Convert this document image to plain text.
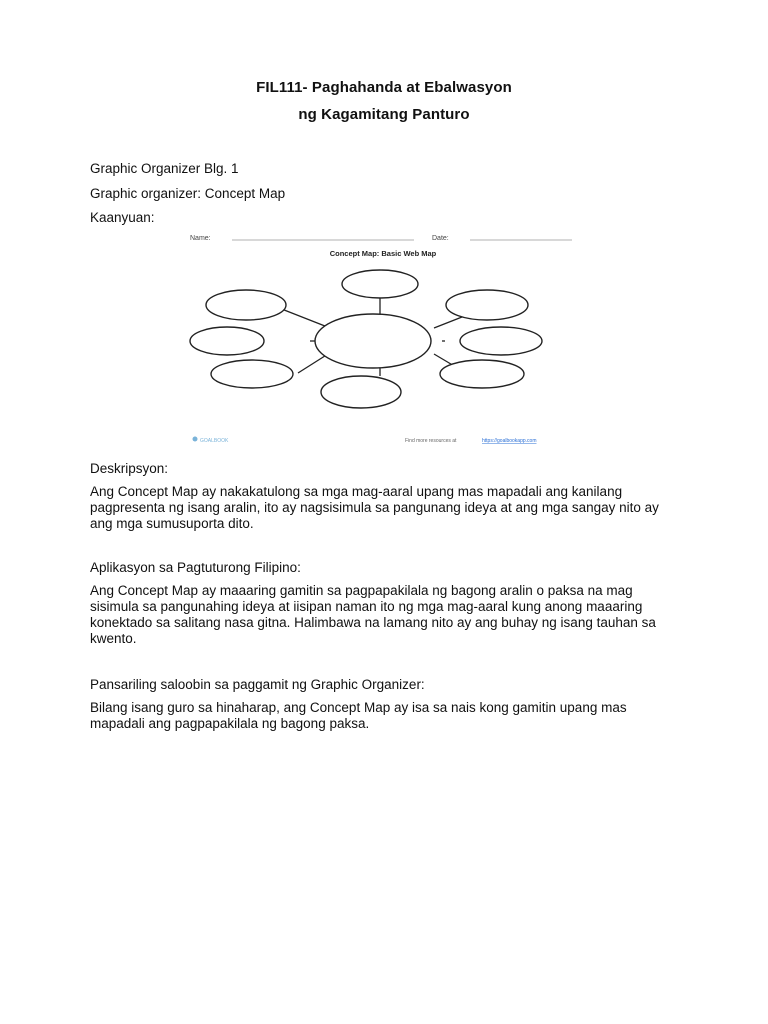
FIL111- Paghahanda at Ebalwasyon
ng Kagamitang Panturo
Graphic Organizer Blg. 1
Graphic organizer: Concept Map
Kaanyuan:
Name:	Date:
Concept Map: Basic Web Map
GOALBOOK	Find more resources at	https://goalbookapp.com
Deskripsyon:
Ang Concept Map ay nakakatulong sa mga mag-aaral upang mas mapadali ang kanilang
pagpresenta ng isang aralin, ito ay nagsisimula sa pangunang ideya at ang mga sangay nito ay
ang mga sumusuporta dito.
Aplikasyon sa Pagtuturong Filipino:
Ang Concept Map ay maaaring gamitin sa pagpapakilala ng bagong aralin o paksa na mag
sisimula sa pangunahing ideya at iisipan naman ito ng mga mag-aaral kung anong maaaring
konektado sa salitang nasa gitna. Halimbawa na lamang nito ay ang buhay ng isang tauhan sa
kwento.
Pansariling saloobin sa paggamit ng Graphic Organizer:
Bilang isang guro sa hinaharap, ang Concept Map ay isa sa nais kong gamitin upang mas
mapadali ang pagpapakilala ng bagong paksa.
